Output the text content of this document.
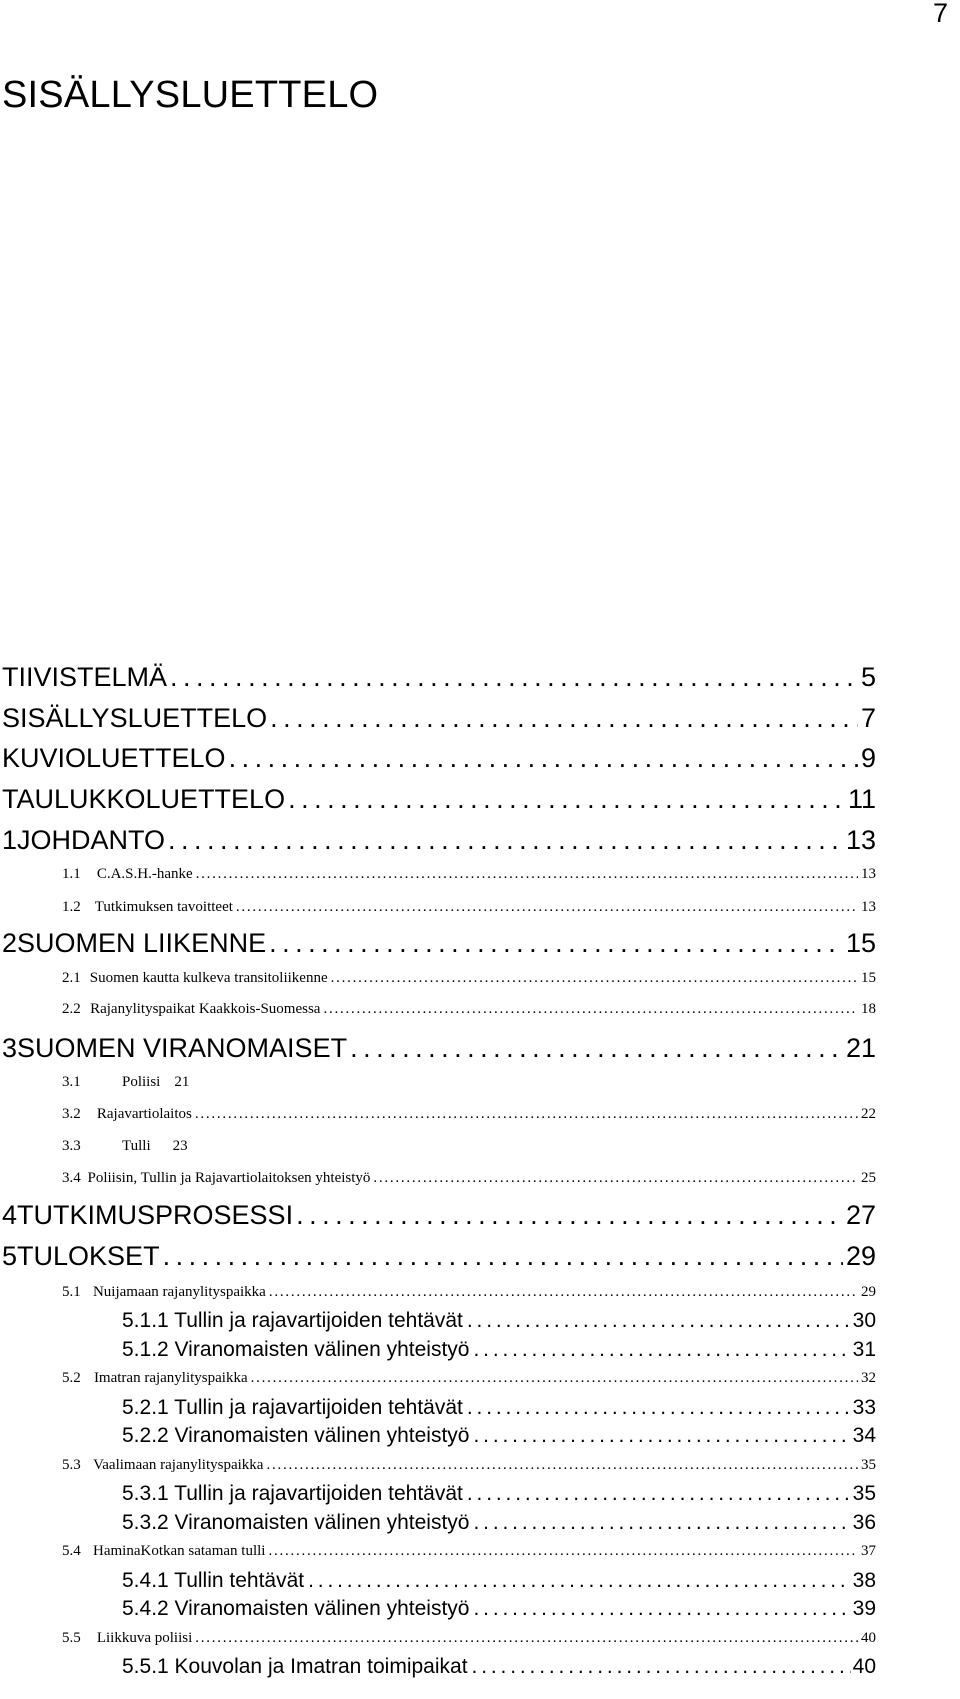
7
SISÄLLYSLUETTELO
TIIVISTELMÄ . . .	5
SISÄLLYSLUETTELO . . .	7
KUVIOLUETTELO . . .	9
TAULUKKOLUETTELO . . .	11
1 JOHDANTO . . .	13
1.1	C.A.S.H.-hanke . . .	13
1.2 Tutkimuksen tavoitteet . . .	13
2 SUOMEN LIIKENNE . . .	15
2.1 Suomen kautta kulkeva transitoliikenne . . .	15
2.2 Rajanylityspaikat Kaakkois-Suomessa . . .	18
3 SUOMEN VIRANOMAISET . . .	21
3.1	Poliisi 21
3.2	Rajavartiolaitos . . .	22
3.3	Tulli 23
3.4 Poliisin, Tullin ja Rajavartiolaitoksen yhteistyö . . .	25
4 TUTKIMUSPROSESSI . . .	27
5 TULOKSET . . .	29
5.1 Nuijamaan rajanylityspaikka . . .	29
5.1.1 Tullin ja rajavartijoiden tehtävät . . .	30
5.1.2 Viranomaisten välinen yhteistyö . . .	31
5.2 Imatran rajanylityspaikka . . .	32
5.2.1 Tullin ja rajavartijoiden tehtävät . . .	33
5.2.2 Viranomaisten välinen yhteistyö . . .	34
5.3 Vaalimaan rajanylityspaikka . . .	35
5.3.1 Tullin ja rajavartijoiden tehtävät . . .	35
5.3.2 Viranomaisten välinen yhteistyö . . .	36
5.4 HaminaKotkan sataman tulli . . .	37
5.4.1 Tullin tehtävät . . .	38
5.4.2 Viranomaisten välinen yhteistyö . . .	39
5.5	Liikkuva poliisi . . .	40
5.5.1 Kouvolan ja Imatran toimipaikat . . .	40
